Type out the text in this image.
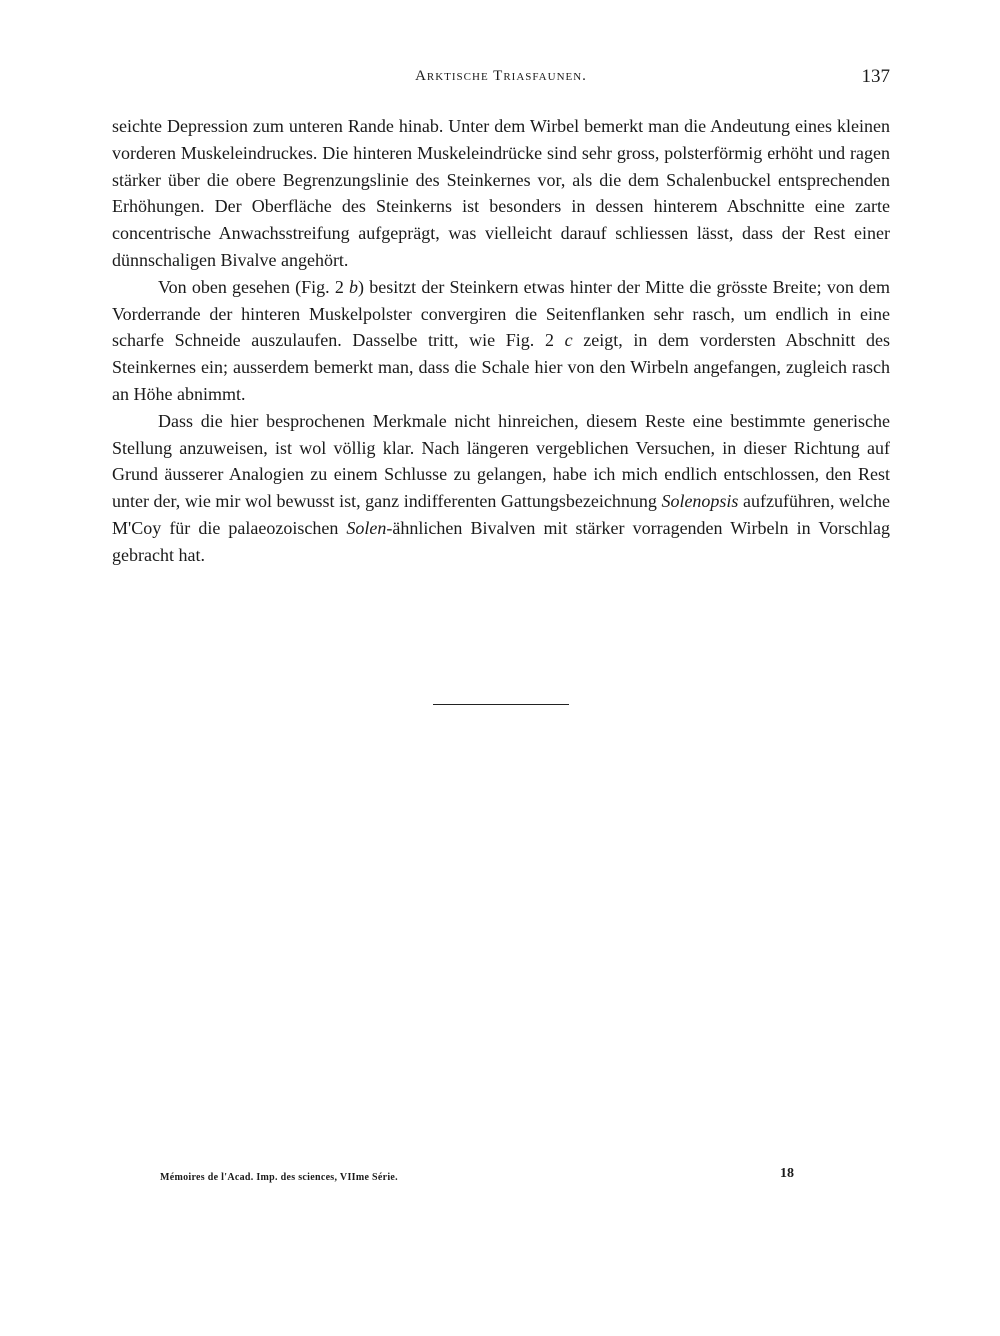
Arktische Triasfaunen.	137

seichte Depression zum unteren Rande hinab. Unter dem Wirbel bemerkt man die Andeutung eines kleinen vorderen Muskeleindruckes. Die hinteren Muskeleindrücke sind sehr gross, polsterförmig erhöht und ragen stärker über die obere Begrenzungslinie des Steinkernes vor, als die dem Schalenbuckel entsprechenden Erhöhungen. Der Oberfläche des Steinkerns ist besonders in dessen hinterem Abschnitte eine zarte concentrische Anwachsstreifung aufgeprägt, was vielleicht darauf schliessen lässt, dass der Rest einer dünnschaligen Bivalve angehört.

Von oben gesehen (Fig. 2 b) besitzt der Steinkern etwas hinter der Mitte die grösste Breite; von dem Vorderrande der hinteren Muskelpolster convergiren die Seitenflanken sehr rasch, um endlich in eine scharfe Schneide auszulaufen. Dasselbe tritt, wie Fig. 2 c zeigt, in dem vordersten Abschnitt des Steinkernes ein; ausserdem bemerkt man, dass die Schale hier von den Wirbeln angefangen, zugleich rasch an Höhe abnimmt.

Dass die hier besprochenen Merkmale nicht hinreichen, diesem Reste eine bestimmte generische Stellung anzuweisen, ist wol völlig klar. Nach längeren vergeblichen Versuchen, in dieser Richtung auf Grund äusserer Analogien zu einem Schlusse zu gelangen, habe ich mich endlich entschlossen, den Rest unter der, wie mir wol bewusst ist, ganz indifferenten Gattungsbezeichnung Solenopsis aufzuführen, welche M'Coy für die palaeozoischen Solen-ähnlichen Bivalven mit stärker vorragenden Wirbeln in Vorschlag gebracht hat.

Mémoires de l'Acad. Imp. des sciences, VIIme Série.	18
